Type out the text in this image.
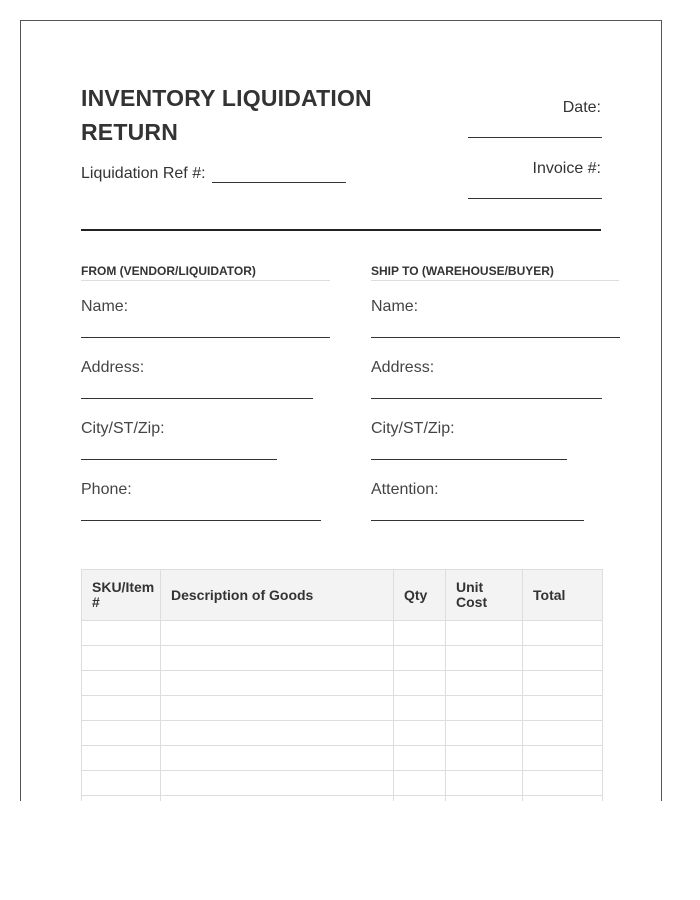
INVENTORY LIQUIDATION RETURN
Date:
Invoice #:
Liquidation Ref #:
FROM (VENDOR/LIQUIDATOR)
Name:
Address:
City/ST/Zip:
Phone:
SHIP TO (WAREHOUSE/BUYER)
Name:
Address:
City/ST/Zip:
Attention:
SKU/Item #	Description of Goods	Qty	Unit Cost	Total
